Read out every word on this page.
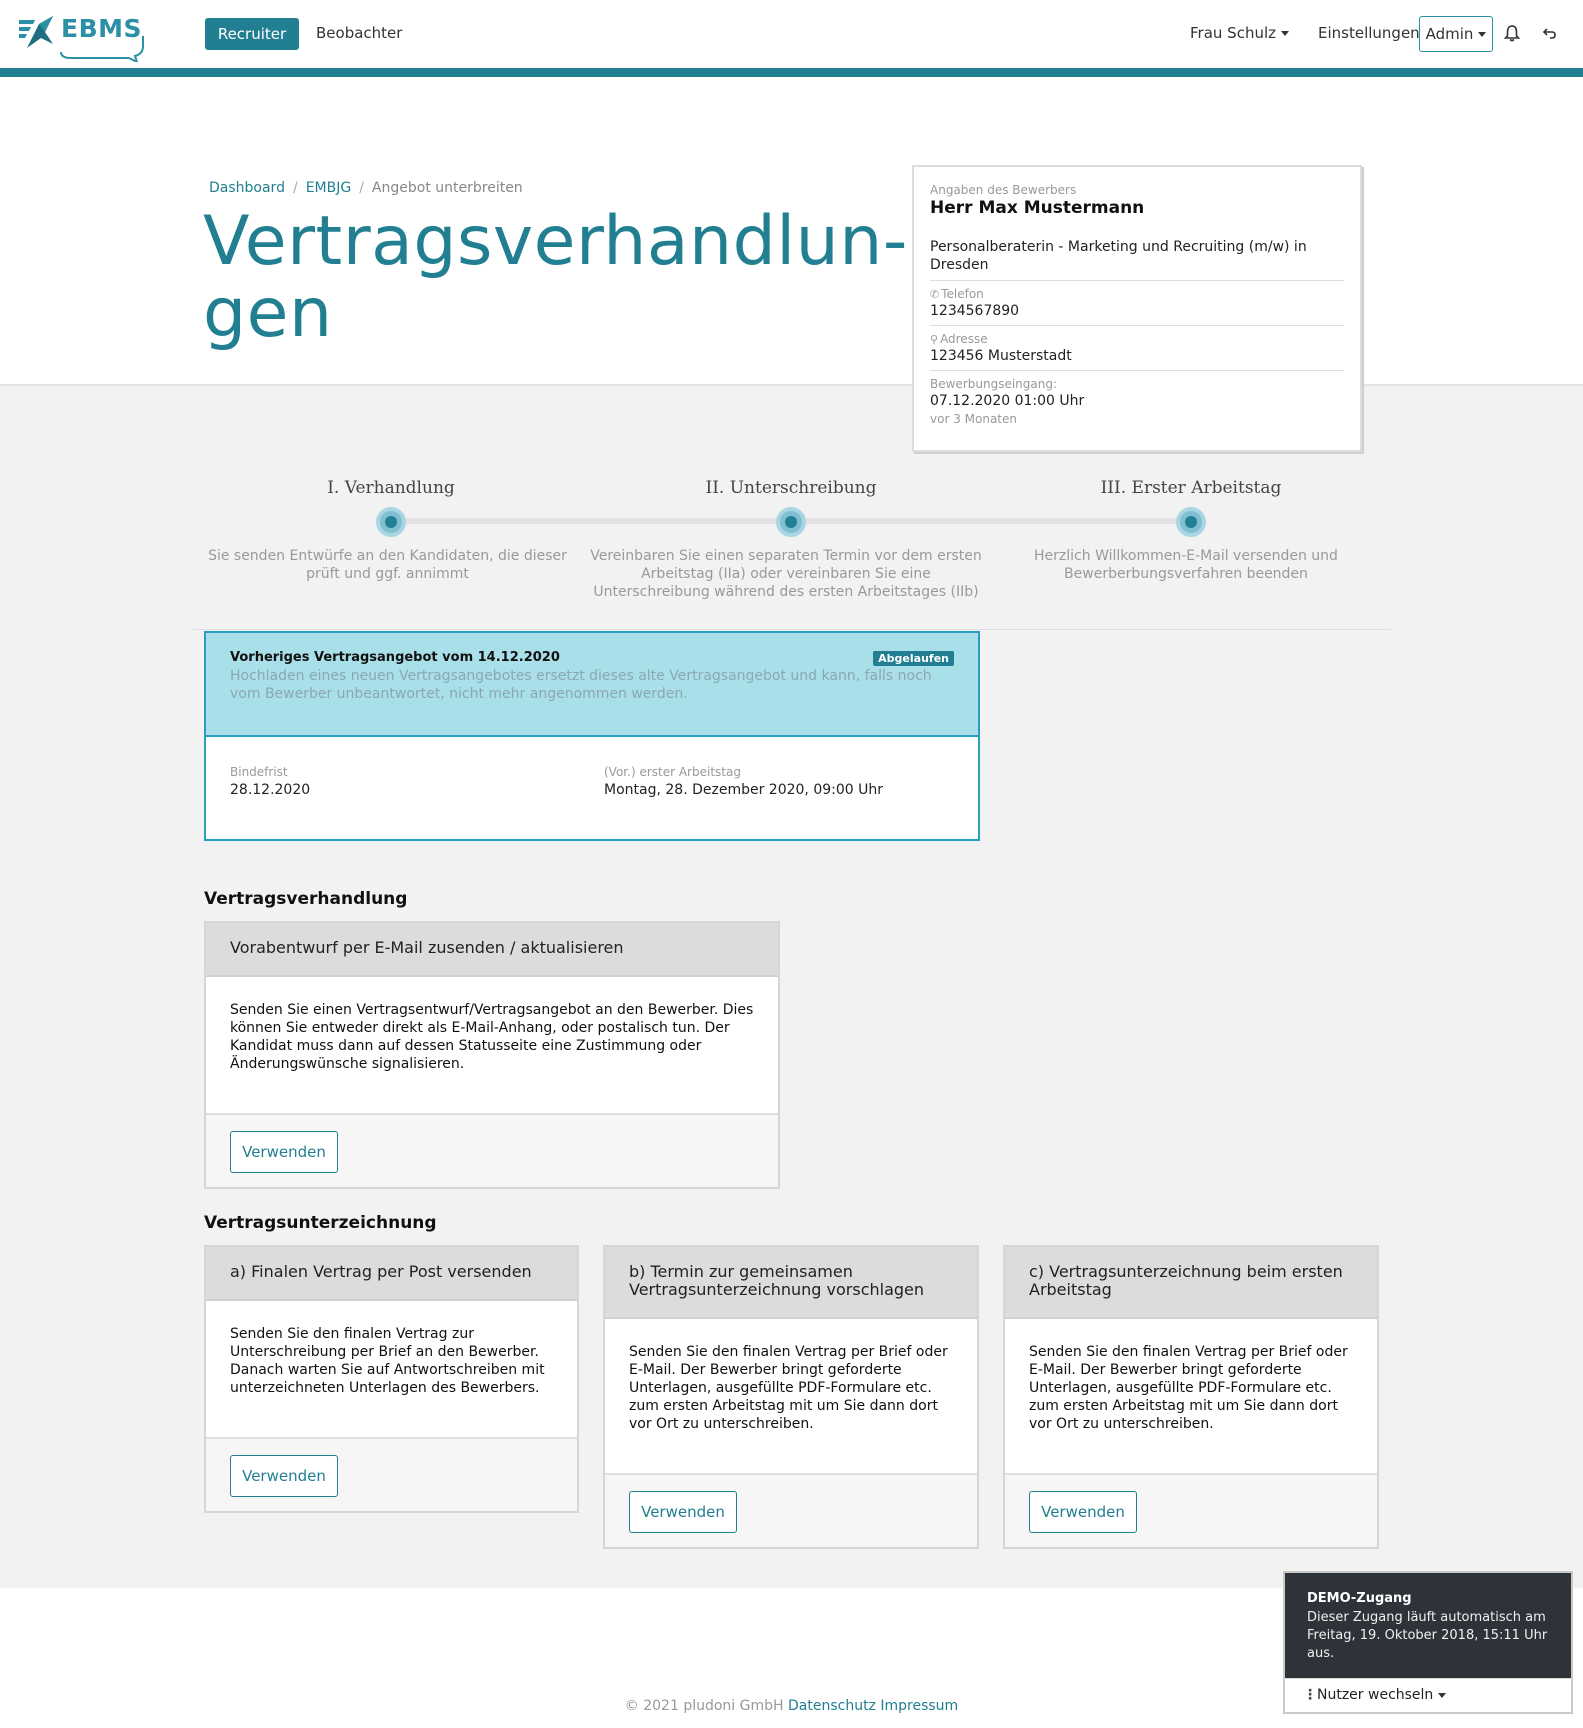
EBMS	Recruiter	Beobachter	Frau Schulz	Einstellungen Admin
Dashboard / EMBJG / Angebot unterbreiten
Vertragsverhandlun-
gen
Angaben des Bewerbers
Herr Max Mustermann
Personalberaterin - Marketing und Recruiting (m/w) in Dresden
✆ Telefon
1234567890
⚲ Adresse
123456 Musterstadt
Bewerbungseingang:
07.12.2020 01:00 Uhr
vor 3 Monaten
I. Verhandlung
Sie senden Entwürfe an den Kandidaten, die dieser prüft und ggf. annimmt
II. Unterschreibung
Vereinbaren Sie einen separaten Termin vor dem ersten Arbeitstag (IIa) oder vereinbaren Sie eine Unterschreibung während des ersten Arbeitstages (IIb)
III. Erster Arbeitstag
Herzlich Willkommen-E-Mail versenden und Bewerberbungsverfahren beenden
Vorheriges Vertragsangebot vom 14.12.2020	Abgelaufen
Hochladen eines neuen Vertragsangebotes ersetzt dieses alte Vertragsangebot und kann, falls noch vom Bewerber unbeantwortet, nicht mehr angenommen werden.
Bindefrist
28.12.2020
(Vor.) erster Arbeitstag
Montag, 28. Dezember 2020, 09:00 Uhr
Vertragsverhandlung
Vorabentwurf per E-Mail zusenden / aktualisieren
Senden Sie einen Vertragsentwurf/Vertragsangebot an den Bewerber. Dies können Sie entweder direkt als E-Mail-Anhang, oder postalisch tun. Der Kandidat muss dann auf dessen Statusseite eine Zustimmung oder Änderungswünsche signalisieren.
Verwenden
Vertragsunterzeichnung
a) Finalen Vertrag per Post versenden
Senden Sie den finalen Vertrag zur Unterschreibung per Brief an den Bewerber. Danach warten Sie auf Antwortschreiben mit unterzeichneten Unterlagen des Bewerbers.
Verwenden
b) Termin zur gemeinsamen Vertragsunterzeichnung vorschlagen
Senden Sie den finalen Vertrag per Brief oder E-Mail. Der Bewerber bringt geforderte Unterlagen, ausgefüllte PDF-Formulare etc. zum ersten Arbeitstag mit um Sie dann dort vor Ort zu unterschreiben.
Verwenden
c) Vertragsunterzeichnung beim ersten Arbeitstag
Senden Sie den finalen Vertrag per Brief oder E-Mail. Der Bewerber bringt geforderte Unterlagen, ausgefüllte PDF-Formulare etc. zum ersten Arbeitstag mit um Sie dann dort vor Ort zu unterschreiben.
Verwenden
© 2021 pludoni GmbH Datenschutz Impressum
DEMO-Zugang
Dieser Zugang läuft automatisch am Freitag, 19. Oktober 2018, 15:11 Uhr aus.
⋮Nutzer wechseln
